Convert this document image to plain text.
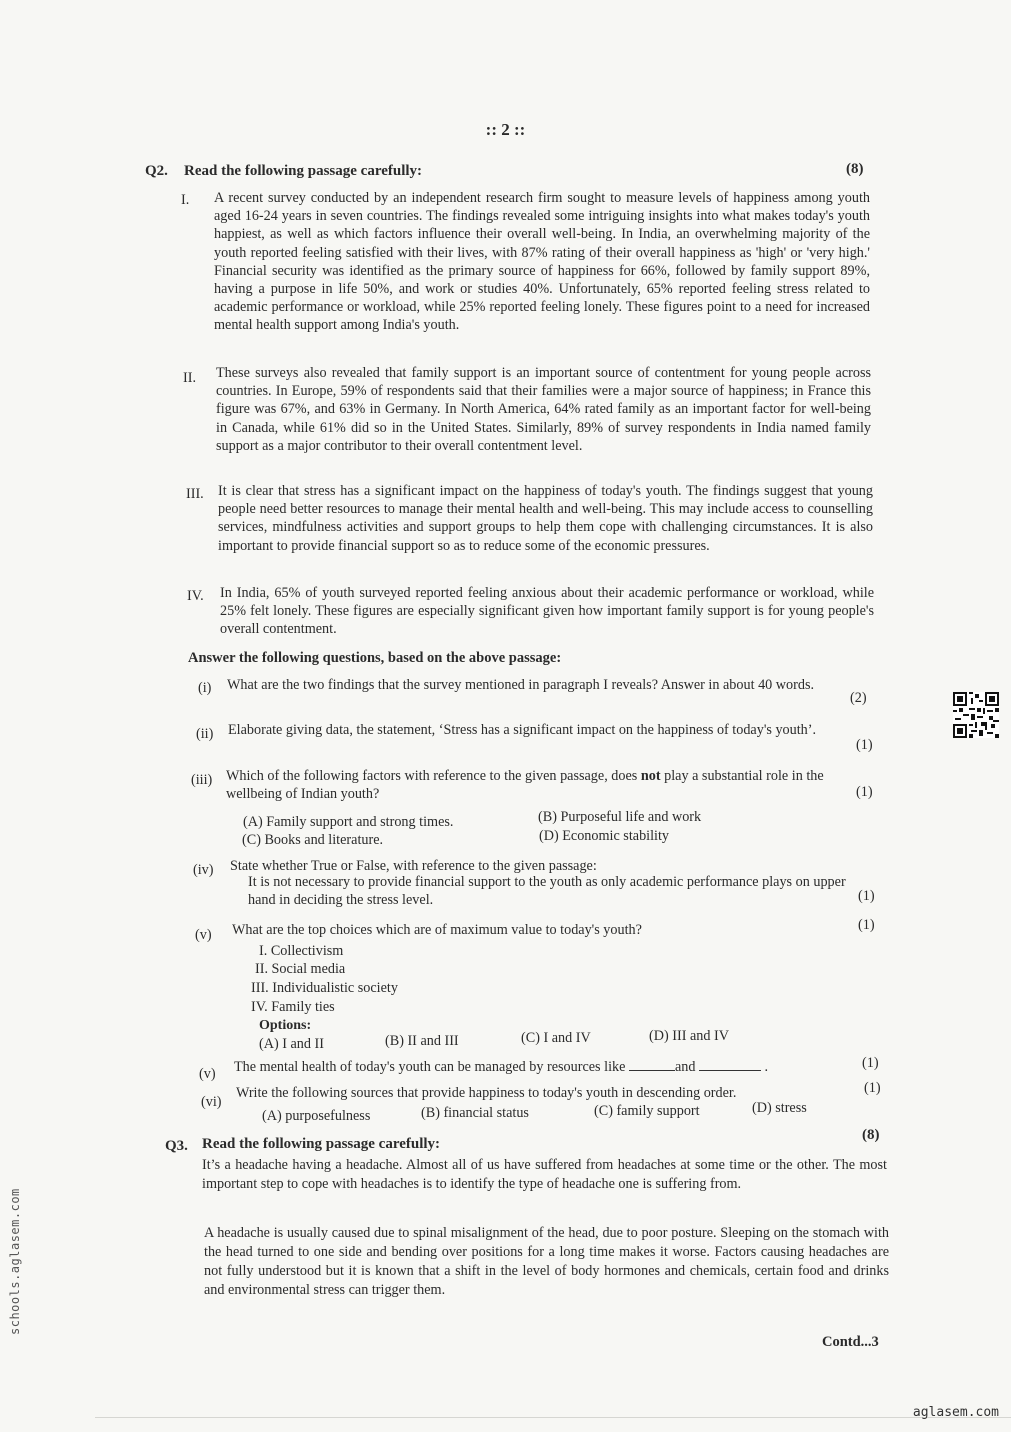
:: 2 ::
Q2. Read the following passage carefully:	(8)
I. A recent survey conducted by an independent research firm sought to measure levels of happiness among youth aged 16-24 years in seven countries. The findings revealed some intriguing insights into what makes today's youth happiest, as well as which factors influence their overall well-being. In India, an overwhelming majority of the youth reported feeling satisfied with their lives, with 87% rating of their overall happiness as 'high' or 'very high.' Financial security was identified as the primary source of happiness for 66%, followed by family support 89%, having a purpose in life 50%, and work or studies 40%. Unfortunately, 65% reported feeling stress related to academic performance or workload, while 25% reported feeling lonely. These figures point to a need for increased mental health support among India's youth.
II. These surveys also revealed that family support is an important source of contentment for young people across countries. In Europe, 59% of respondents said that their families were a major source of happiness; in France this figure was 67%, and 63% in Germany. In North America, 64% rated family as an important factor for well-being in Canada, while 61% did so in the United States. Similarly, 89% of survey respondents in India named family support as a major contributor to their overall contentment level.
III. It is clear that stress has a significant impact on the happiness of today's youth. The findings suggest that young people need better resources to manage their mental health and well-being. This may include access to counselling services, mindfulness activities and support groups to help them cope with challenging circumstances. It is also important to provide financial support so as to reduce some of the economic pressures.
IV. In India, 65% of youth surveyed reported feeling anxious about their academic performance or workload, while 25% felt lonely. These figures are especially significant given how important family support is for young people's overall contentment.
Answer the following questions, based on the above passage:
(i) What are the two findings that the survey mentioned in paragraph I reveals? Answer in about 40 words.
(2)
(ii) Elaborate giving data, the statement, ‘Stress has a significant impact on the happiness of today's youth’.
(1)
(iii) Which of the following factors with reference to the given passage, does not play a substantial role in the wellbeing of Indian youth?	(1)
(A) Family support and strong times.	(B) Purposeful life and work
(C) Books and literature.	(D) Economic stability
(iv) State whether True or False, with reference to the given passage:
It is not necessary to provide financial support to the youth as only academic performance plays on upper hand in deciding the stress level.	(1)
(v) What are the top choices which are of maximum value to today's youth?	(1)
I. Collectivism
II. Social media
III. Individualistic society
IV. Family ties
Options:
(A) I and II	(B) II and III	(C) I and IV	(D) III and IV
(v) The mental health of today's youth can be managed by resources like	and	.	(1)
(vi)
Write the following sources that provide happiness to today's youth in descending order.	(1)
(A) purposefulness	(B) financial status	(C) family support	(D) stress
Q3. Read the following passage carefully:
(8)
It’s a headache having a headache. Almost all of us have suffered from headaches at some time or the other. The most important step to cope with headaches is to identify the type of headache one is suffering from.
A headache is usually caused due to spinal misalignment of the head, due to poor posture. Sleeping on the stomach with the head turned to one side and bending over positions for a long time makes it worse. Factors causing headaches are not fully understood but it is known that a shift in the level of body hormones and chemicals, certain food and drinks and environmental stress can trigger them.
Contd...3
schools.aglasem.com
aglasem.com
